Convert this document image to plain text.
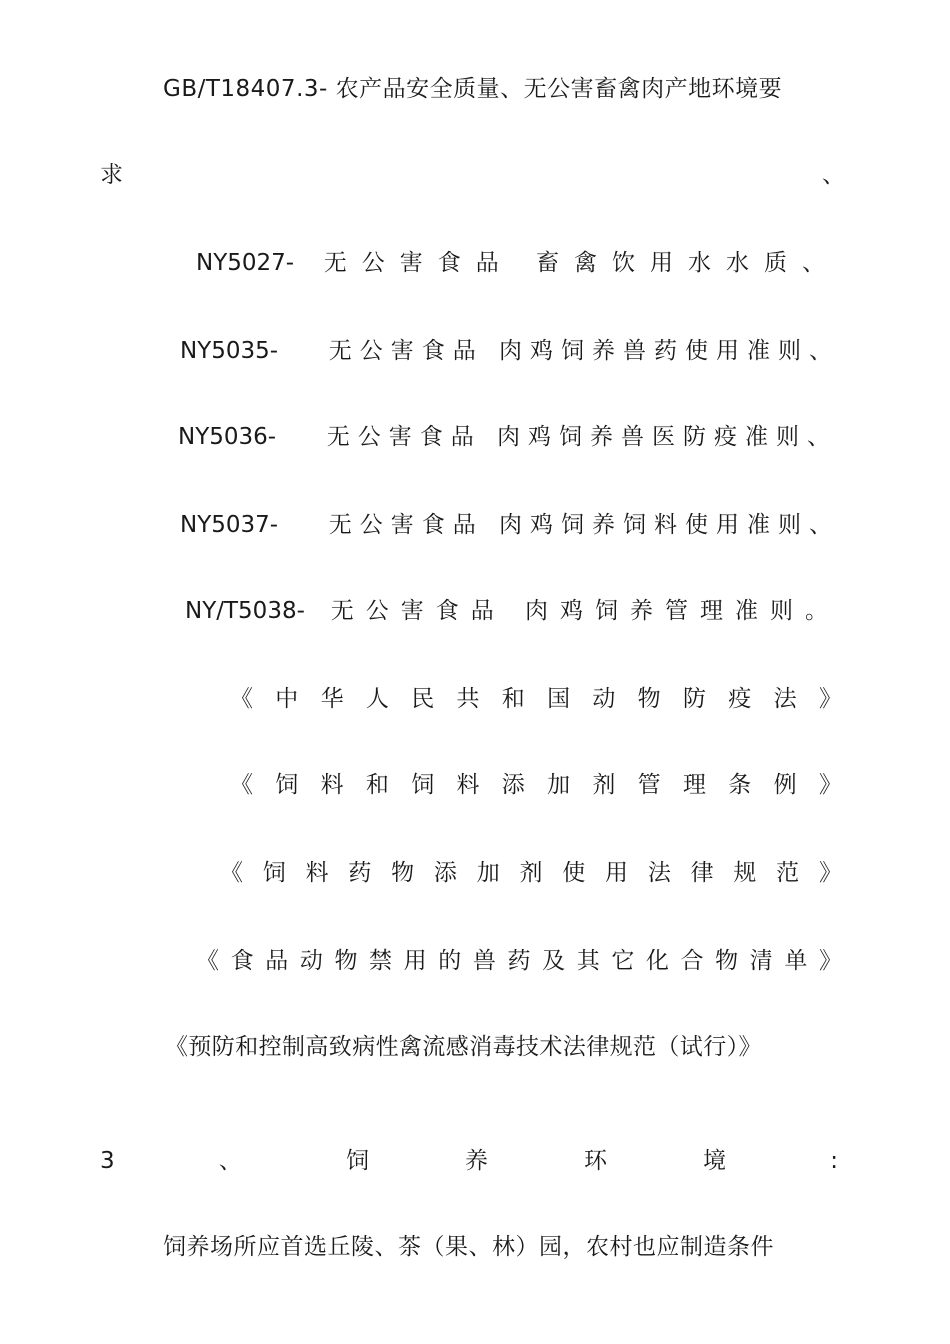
GB/T18407.3- 农产品安全质量、无公害畜禽肉产地环境要
求	、
NY5027- 无公害食品 畜禽饮用水水质、
NY5035- 无公害食品 肉鸡饲养兽药使用准则、
NY5036- 无公害食品 肉鸡饲养兽医防疫准则、
NY5037- 无公害食品 肉鸡饲养饲料使用准则、
NY/T5038- 无公害食品 肉鸡饲养管理准则。
《 中 华 人 民 共 和 国 动 物 防 疫 法 》
《 饲 料 和 饲 料 添 加 剂 管 理 条 例 》
《 饲 料 药 物 添 加 剂 使 用 法 律 规 范 》
《 食 品 动 物 禁 用 的 兽 药 及 其 它 化 合 物 清 单 》
《预防和控制高致病性禽流感消毒技术法律规范（试行）》
3	、	饲	养	环	境	:
饲养场所应首选丘陵、茶（果、林）园，农村也应制造条件
